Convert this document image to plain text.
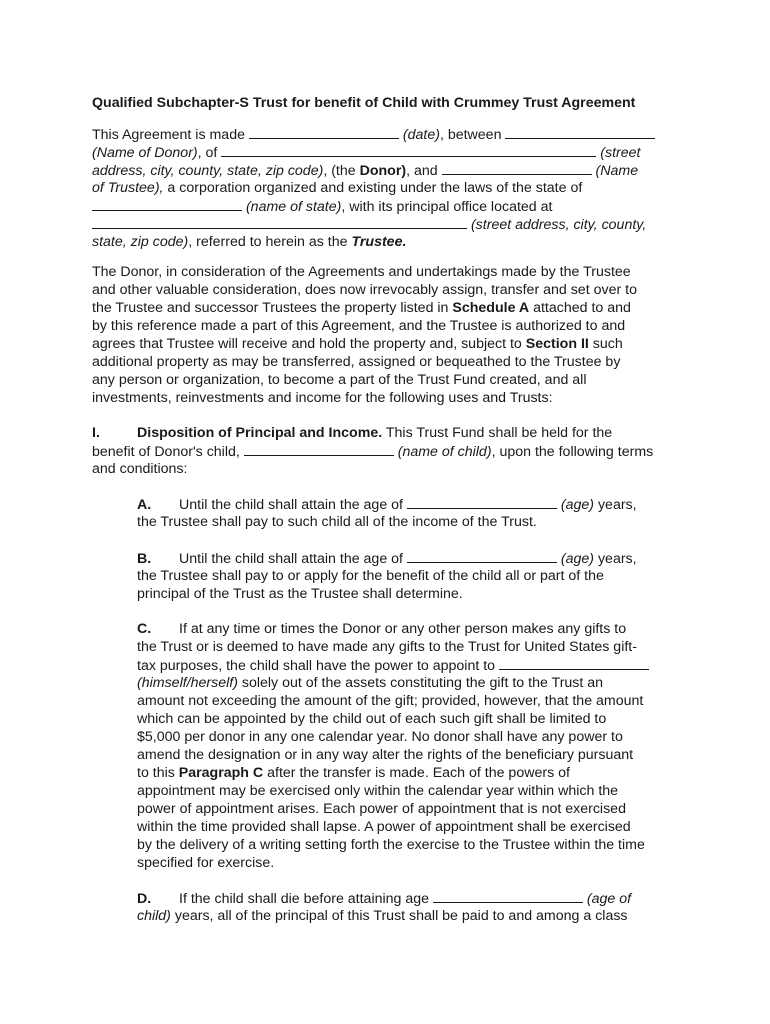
Qualified Subchapter-S Trust for benefit of Child with Crummey Trust Agreement
This Agreement is made	(date), between
(Name of Donor), of	(street
address, city, county, state, zip code), (the Donor), and	(Name
of Trustee), a corporation organized and existing under the laws of the state of
(name of state), with its principal office located at
(street address, city, county,
state, zip code), referred to herein as the Trustee.
The Donor, in consideration of the Agreements and undertakings made by the Trustee
and other valuable consideration, does now irrevocably assign, transfer and set over to
the Trustee and successor Trustees the property listed in Schedule A attached to and
by this reference made a part of this Agreement, and the Trustee is authorized to and
agrees that Trustee will receive and hold the property and, subject to Section II such
additional property as may be transferred, assigned or bequeathed to the Trustee by
any person or organization, to become a part of the Trust Fund created, and all
investments, reinvestments and income for the following uses and Trusts:
I.	Disposition of Principal and Income. This Trust Fund shall be held for the
benefit of Donor's child,	(name of child), upon the following terms
and conditions:
A. Until the child shall attain the age of	(age) years,
the Trustee shall pay to such child all of the income of the Trust.
B. Until the child shall attain the age of	(age) years,
the Trustee shall pay to or apply for the benefit of the child all or part of the
principal of the Trust as the Trustee shall determine.
C. If at any time or times the Donor or any other person makes any gifts to
the Trust or is deemed to have made any gifts to the Trust for United States gift-
tax purposes, the child shall have the power to appoint to
(himself/herself) solely out of the assets constituting the gift to the Trust an
amount not exceeding the amount of the gift; provided, however, that the amount
which can be appointed by the child out of each such gift shall be limited to
$5,000 per donor in any one calendar year. No donor shall have any power to
amend the designation or in any way alter the rights of the beneficiary pursuant
to this Paragraph C after the transfer is made. Each of the powers of
appointment may be exercised only within the calendar year within which the
power of appointment arises. Each power of appointment that is not exercised
within the time provided shall lapse. A power of appointment shall be exercised
by the delivery of a writing setting forth the exercise to the Trustee within the time
specified for exercise.
D. If the child shall die before attaining age	(age of
child) years, all of the principal of this Trust shall be paid to and among a class
